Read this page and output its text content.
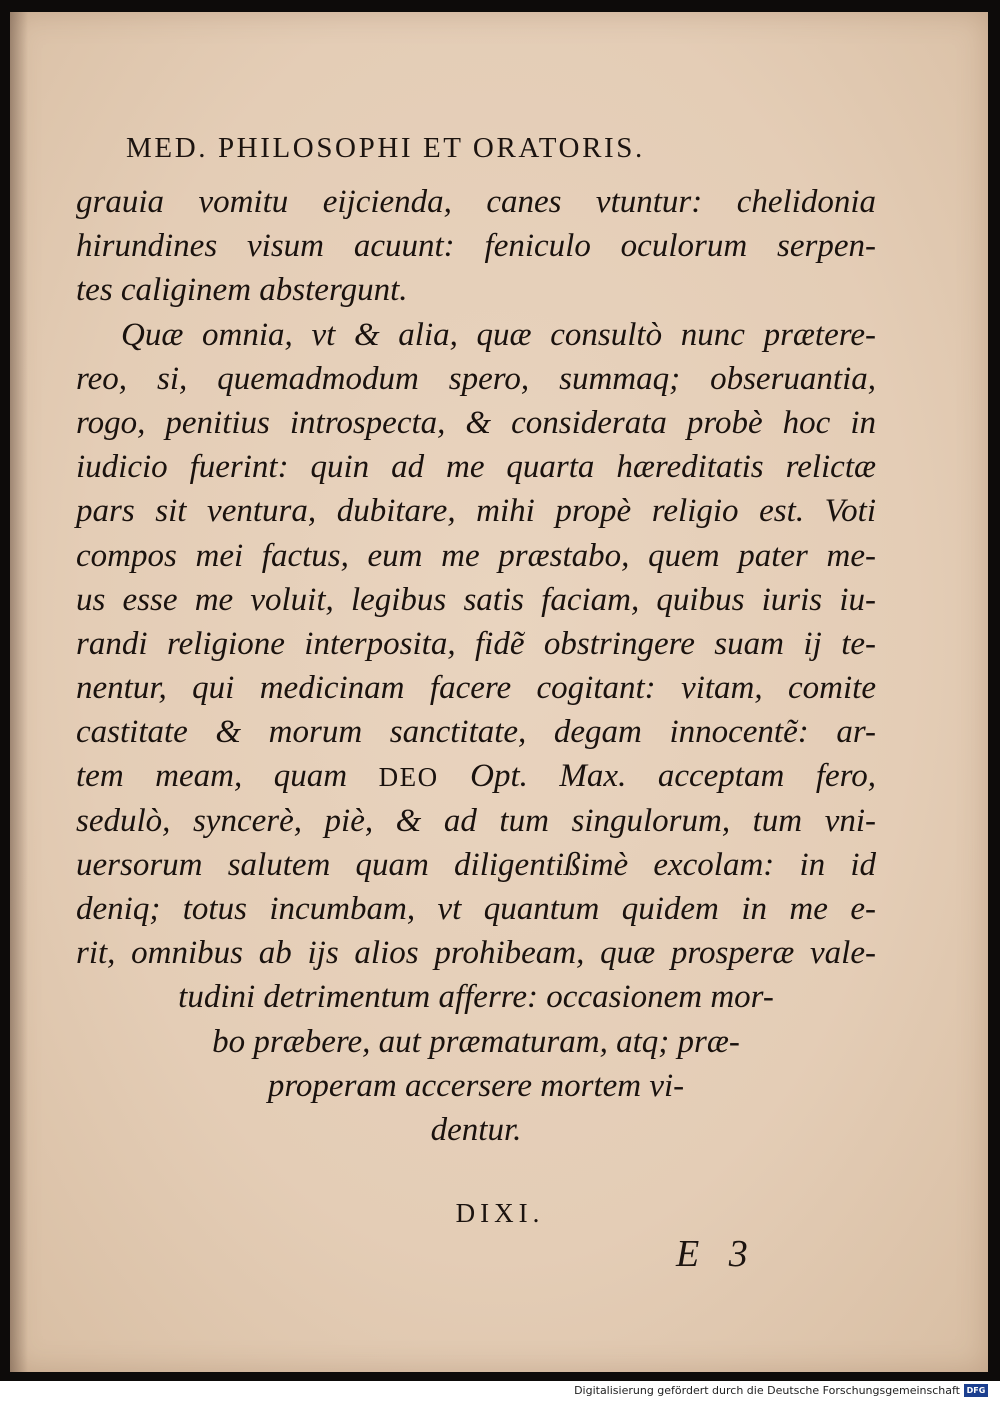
MED. PHILOSOPHI ET ORATORIS.
grauia vomitu eijcienda, canes vtuntur: chelidonia
hirundines visum acuunt: feniculo oculorum serpen-
tes caliginem abstergunt.
Quæ omnia, vt & alia, quæ consultò nunc prætere-
reo, si, quemadmodum spero, summaq; obseruantia,
rogo, penitius introspecta, & considerata probè hoc in
iudicio fuerint: quin ad me quarta hæreditatis relictæ
pars sit ventura, dubitare, mihi propè religio est. Voti
compos mei factus, eum me præstabo, quem pater me-
us esse me voluit, legibus satis faciam, quibus iuris iu-
randi religione interposita, fidẽ obstringere suam ij te-
nentur, qui medicinam facere cogitant: vitam, comite
castitate & morum sanctitate, degam innocentẽ: ar-
tem meam, quam DEO Opt. Max. acceptam fero,
sedulò, syncerè, piè, & ad tum singulorum, tum vni-
uersorum salutem quam diligentißimè excolam: in id
deniq; totus incumbam, vt quantum quidem in me e-
rit, omnibus ab ijs alios prohibeam, quæ prosperæ vale-
tudini detrimentum afferre: occasionem mor-
bo præbere, aut præmaturam, atq; præ-
properam accersere mortem vi-
dentur.
DIXI.
E 3
Digitalisierung gefördert durch die Deutsche Forschungsgemeinschaft DFG
